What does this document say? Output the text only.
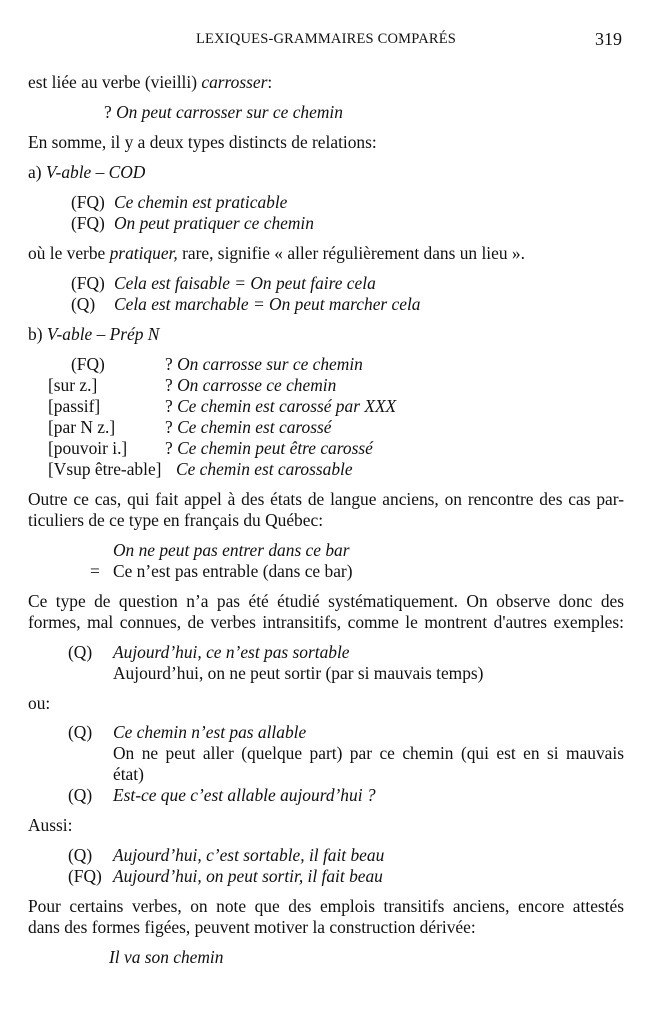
LEXIQUES-GRAMMAIRES COMPARÉS	319
est liée au verbe (vieilli) carrosser:
? On peut carrosser sur ce chemin
En somme, il y a deux types distincts de relations:
a) V-able – COD
(FQ) Ce chemin est praticable
(FQ) On peut pratiquer ce chemin
où le verbe pratiquer, rare, signifie « aller régulièrement dans un lieu ».
(FQ) Cela est faisable = On peut faire cela
(Q) Cela est marchable = On peut marcher cela
b) V-able – Prép N
(FQ)	? On carrosse sur ce chemin
[sur z.]	? On carrosse ce chemin
[passif]	? Ce chemin est carossé par XXX
[par N z.]	? Ce chemin est carossé
[pouvoir i.] ? Ce chemin peut être carossé
[Vsup être-able] Ce chemin est carossable
Outre ce cas, qui fait appel à des états de langue anciens, on rencontre des cas par-
ticuliers de ce type en français du Québec:
On ne peut pas entrer dans ce bar
= Ce n’est pas entrable (dans ce bar)
Ce type de question n’a pas été étudié systématiquement. On observe donc des
formes, mal connues, de verbes intransitifs, comme le montrent d'autres exemples:
(Q) Aujourd’hui, ce n’est pas sortable
Aujourd’hui, on ne peut sortir (par si mauvais temps)
ou:
(Q) Ce chemin n’est pas allable
On ne peut aller (quelque part) par ce chemin (qui est en si mauvais
état)
(Q) Est-ce que c’est allable aujourd’hui ?
Aussi:
(Q) Aujourd’hui, c’est sortable, il fait beau
(FQ) Aujourd’hui, on peut sortir, il fait beau
Pour certains verbes, on note que des emplois transitifs anciens, encore attestés
dans des formes figées, peuvent motiver la construction dérivée:
Il va son chemin
